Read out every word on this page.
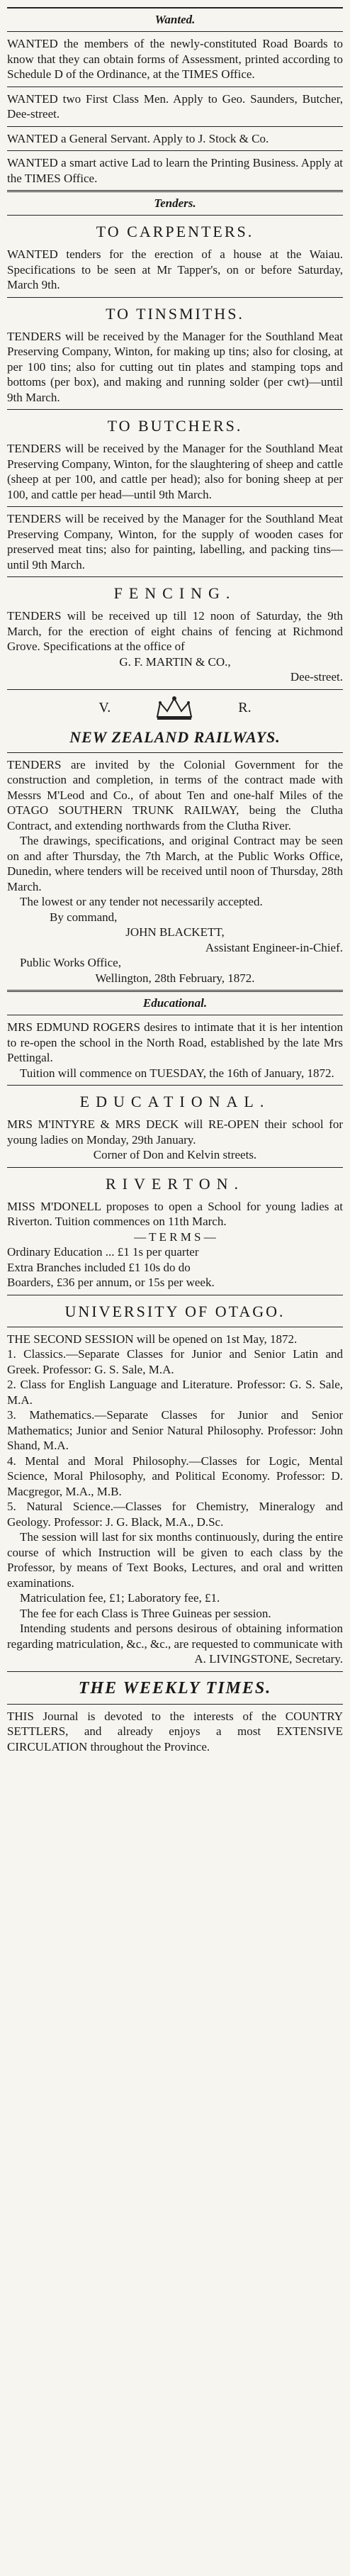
Wanted.

WANTED the members of the newly-constituted Road Boards to know that they can obtain forms of Assessment, printed according to Schedule D of the Ordinance, at the TIMES Office.

WANTED two First Class Men. Apply to Geo. Saunders, Butcher, Dee-street.

WANTED a General Servant. Apply to J. Stock & Co.

WANTED a smart active Lad to learn the Printing Business. Apply at the TIMES Office.

Tenders.
TO CARPENTERS.

WANTED tenders for the erection of a house at the Waiau. Specifications to be seen at Mr Tapper's, on or before Saturday, March 9th.

TO TINSMITHS.

TENDERS will be received by the Manager for the Southland Meat Preserving Company, Winton, for making up tins; also for closing, at per 100 tins; also for cutting out tin plates and stamping tops and bottoms (per box), and making and running solder (per cwt)—until 9th March.

TO BUTCHERS.

TENDERS will be received by the Manager for the Southland Meat Preserving Company, Winton, for the slaughtering of sheep and cattle (sheep at per 100, and cattle per head); also for boning sheep at per 100, and cattle per head—until 9th March.

TENDERS will be received by the Manager for the Southland Meat Preserving Company, Winton, for the supply of wooden cases for preserved meat tins; also for painting, labelling, and packing tins—until 9th March.

FENCING.

TENDERS will be received up till 12 noon of Saturday, the 9th March, for the erection of eight chains of fencing at Richmond Grove. Specifications at the office of

G. F. MARTIN & CO.,

Dee-street.

V.	R.
NEW ZEALAND RAILWAYS.

TENDERS are invited by the Colonial Government for the construction and completion, in terms of the contract made with Messrs M'Leod and Co., of about Ten and one-half Miles of the OTAGO SOUTHERN TRUNK RAILWAY, being the Clutha Contract, and extending northwards from the Clutha River.

The drawings, specifications, and original Contract may be seen on and after Thursday, the 7th March, at the Public Works Office, Dunedin, where tenders will be received until noon of Thursday, 28th March.

The lowest or any tender not necessarily accepted.

By command,

JOHN BLACKETT,

Assistant Engineer-in-Chief.

Public Works Office,

Wellington, 28th February, 1872.

Educational.

MRS EDMUND ROGERS desires to intimate that it is her intention to re-open the school in the North Road, established by the late Mrs Pettingal.

Tuition will commence on TUESDAY, the 16th of January, 1872.

EDUCATIONAL.

MRS M'INTYRE & MRS DECK will RE-OPEN their school for young ladies on Monday, 29th January.

Corner of Don and Kelvin streets.

RIVERTON.

MISS M'DONELL proposes to open a School for young ladies at Riverton. Tuition commences on 11th March.

— T E R M S —

Ordinary Education ... £1 1s per quarter

Extra Branches included £1 10s do do

Boarders, £36 per annum, or 15s per week.

UNIVERSITY OF OTAGO.

THE SECOND SESSION will be opened on 1st May, 1872.

1. Classics.—Separate Classes for Junior and Senior Latin and Greek. Professor: G. S. Sale, M.A.
2. Class for English Language and Literature. Professor: G. S. Sale, M.A.
3. Mathematics.—Separate Classes for Junior and Senior Mathematics; Junior and Senior Natural Philosophy. Professor: John Shand, M.A.
4. Mental and Moral Philosophy.—Classes for Logic, Mental Science, Moral Philosophy, and Political Economy. Professor: D. Macgregor, M.A., M.B.
5. Natural Science.—Classes for Chemistry, Mineralogy and Geology. Professor: J. G. Black, M.A., D.Sc.

The session will last for six months continuously, during the entire course of which Instruction will be given to each class by the Professor, by means of Text Books, Lectures, and oral and written examinations.

Matriculation fee, £1; Laboratory fee, £1.

The fee for each Class is Three Guineas per session.

Intending students and persons desirous of obtaining information regarding matriculation, &c., &c., are requested to communicate with

A. LIVINGSTONE, Secretary.

THE WEEKLY TIMES.

THIS Journal is devoted to the interests of the COUNTRY SETTLERS, and already enjoys a most EXTENSIVE CIRCULATION throughout the Province.
